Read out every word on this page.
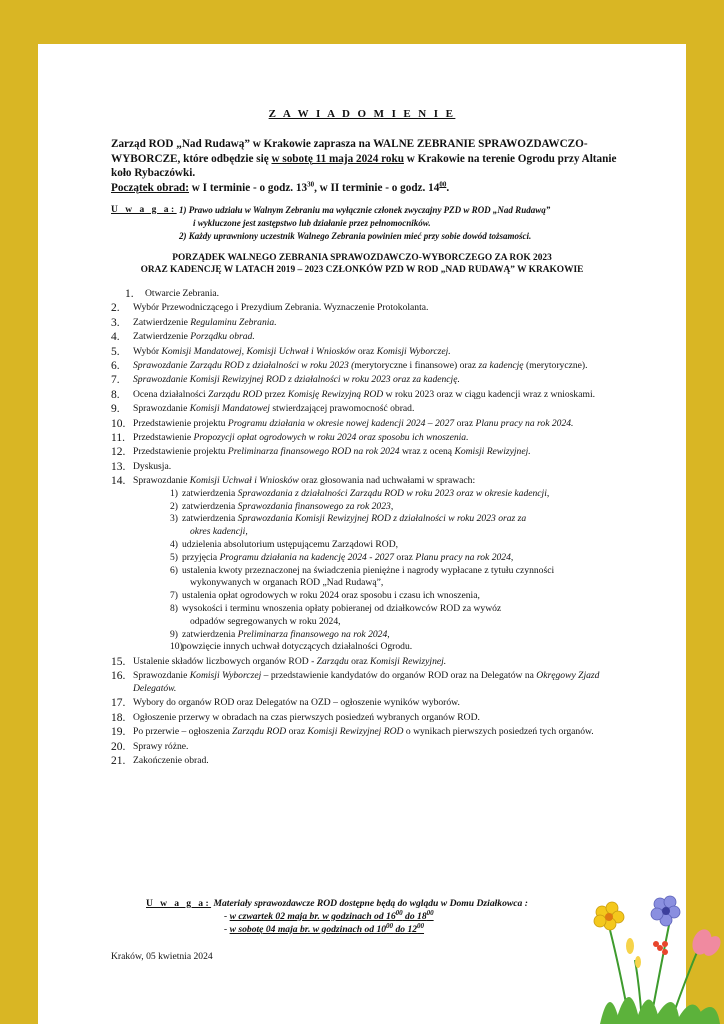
Z A W I A D O M I E N I E
Zarząd ROD „Nad Rudawą” w Krakowie zaprasza na WALNE ZEBRANIE SPRAWOZDAWCZO-WYBORCZE, które odbędzie się w sobotę 11 maja 2024 roku w Krakowie na terenie Ogrodu przy Altanie koło Rybaczówki.
Początek obrad: w I terminie - o godz. $13^{30}$, w II terminie - o godz. $14^{00}$.
U w a g a: 1) Prawo udziału w Walnym Zebraniu ma wyłącznie członek zwyczajny PZD w ROD „Nad Rudawą”
i wykluczone jest zastępstwo lub działanie przez pełnomocników.
2) Każdy uprawniony uczestnik Walnego Zebrania powinien mieć przy sobie dowód tożsamości.
PORZĄDEK WALNEGO ZEBRANIA SPRAWOZDAWCZO-WYBORCZEGO ZA ROK 2023
ORAZ KADENCJĘ W LATACH 2019 – 2023 CZŁONKÓW PZD W ROD „NAD RUDAWĄ” W KRAKOWIE
1. Otwarcie Zebrania.
2. Wybór Przewodniczącego i Prezydium Zebrania. Wyznaczenie Protokolanta.
3. Zatwierdzenie Regulaminu Zebrania.
4. Zatwierdzenie Porządku obrad.
5. Wybór Komisji Mandatowej, Komisji Uchwał i Wniosków oraz Komisji Wyborczej.
6. Sprawozdanie Zarządu ROD z działalności w roku 2023 (merytoryczne i finansowe) oraz za kadencję (merytoryczne).
7. Sprawozdanie Komisji Rewizyjnej ROD z działalności w roku 2023 oraz za kadencję.
8. Ocena działalności Zarządu ROD przez Komisję Rewizyjną ROD w roku 2023 oraz w ciągu kadencji wraz z wnioskami.
9. Sprawozdanie Komisji Mandatowej stwierdzającej prawomocność obrad.
10. Przedstawienie projektu Programu działania w okresie nowej kadencji 2024 – 2027 oraz Planu pracy na rok 2024.
11. Przedstawienie Propozycji opłat ogrodowych w roku 2024 oraz sposobu ich wnoszenia.
12. Przedstawienie projektu Preliminarza finansowego ROD na rok 2024 wraz z oceną Komisji Rewizyjnej.
13. Dyskusja.
14. Sprawozdanie Komisji Uchwał i Wniosków oraz głosowania nad uchwałami w sprawach:
1) zatwierdzenia Sprawozdania z działalności Zarządu ROD w roku 2023 oraz w okresie kadencji,
2) zatwierdzenia Sprawozdania finansowego za rok 2023,
3) zatwierdzenia Sprawozdania Komisji Rewizyjnej ROD z działalności w roku 2023 oraz za
okres kadencji,
4) udzielenia absolutorium ustępującemu Zarządowi ROD,
5) przyjęcia Programu działania na kadencję 2024 - 2027 oraz Planu pracy na rok 2024,
6) ustalenia kwoty przeznaczonej na świadczenia pieniężne i nagrody wypłacane z tytułu czynności
wykonywanych w organach ROD „Nad Rudawą”,
7) ustalenia opłat ogrodowych w roku 2024 oraz sposobu i czasu ich wnoszenia,
8) wysokości i terminu wnoszenia opłaty pobieranej od działkowców ROD za wywóz
odpadów segregowanych w roku 2024,
9) zatwierdzenia Preliminarza finansowego na rok 2024,
10) powzięcie innych uchwał dotyczących działalności Ogrodu.
15. Ustalenie składów liczbowych organów ROD - Zarządu oraz Komisji Rewizyjnej.
16. Sprawozdanie Komisji Wyborczej – przedstawienie kandydatów do organów ROD oraz na Delegatów na Okręgowy Zjazd Delegatów.
17. Wybory do organów ROD oraz Delegatów na OZD – ogłoszenie wyników wyborów.
18. Ogłoszenie przerwy w obradach na czas pierwszych posiedzeń wybranych organów ROD.
19. Po przerwie – ogłoszenia Zarządu ROD oraz Komisji Rewizyjnej ROD o wynikach pierwszych posiedzeń tych organów.
20. Sprawy różne.
21. Zakończenie obrad.
U w a g a: Materiały sprawozdawcze ROD dostępne będą do wglądu w Domu Działkowca :
- w czwartek 02 maja br. w godzinach od $16^{00}$ do $18^{00}$
- w sobotę 04 maja br. w godzinach od $10^{00}$ do $12^{00}$
Kraków, 05 kwietnia 2024
